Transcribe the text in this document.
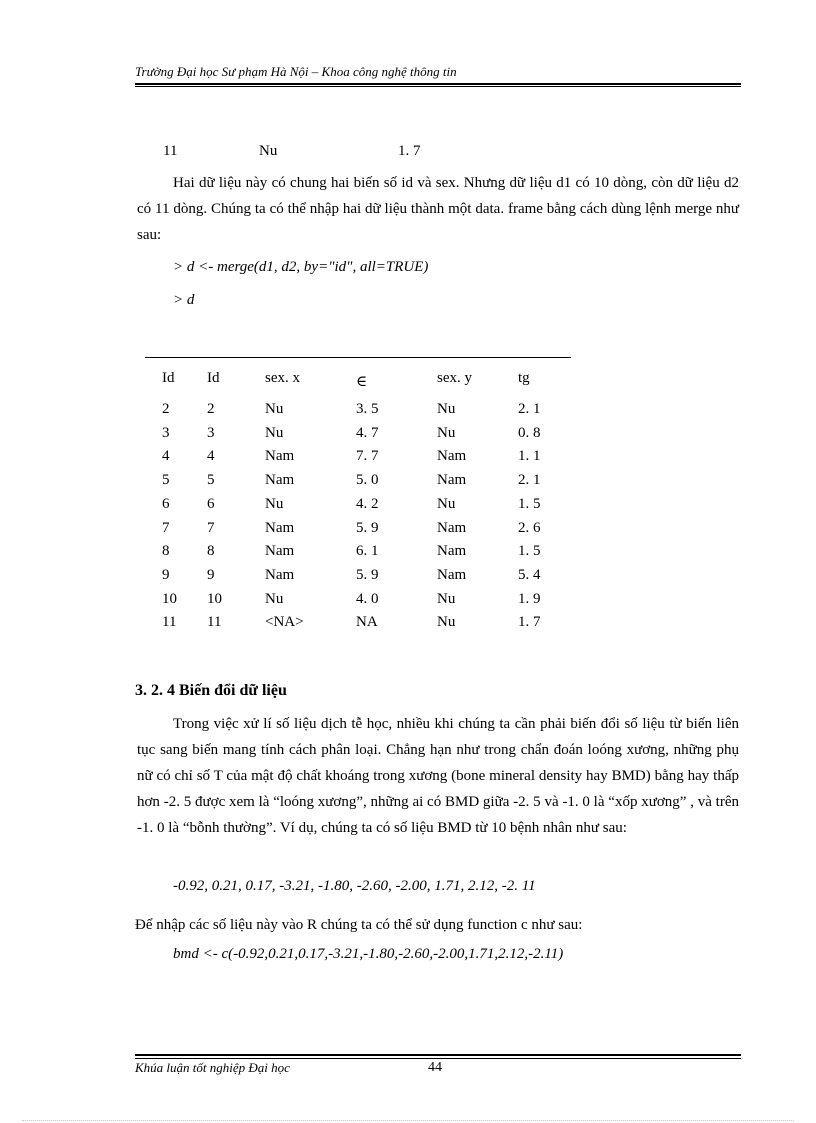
Trường Đại học Sư phạm Hà Nội – Khoa công nghệ thông tin
11	Nu	1. 7
Hai dữ liệu này có chung hai biến số id và sex. Nhưng dữ liệu d1 có 10 dòng, còn dữ liệu d2 có 11 dòng. Chúng ta có thể nhập hai dữ liệu thành một data. frame bằng cách dùng lệnh merge như sau:
> d <- merge(d1, d2, by="id", all=TRUE)
> d
Id Id	sex. x	∈	sex. y	tg
2	2	Nu	3. 5	Nu	2. 1
3	3	Nu	4. 7	Nu	0. 8
4	4	Nam	7. 7	Nam	1. 1
5	5	Nam	5. 0	Nam	2. 1
6	6	Nu	4. 2	Nu	1. 5
7	7	Nam	5. 9	Nam	2. 6
8	8	Nam	6. 1	Nam	1. 5
9	9	Nam	5. 9	Nam	5. 4
10 10	Nu	4. 0	Nu	1. 9
11 11	<NA>	NA	Nu	1. 7
3. 2. 4 Biến đổi dữ liệu
Trong việc xử lí số liệu dịch tễ học, nhiều khi chúng ta cần phải biến đổi số liệu từ biến liên tục sang biến mang tính cách phân loại. Chẳng hạn như trong chẩn đoán loóng xương, những phụ nữ có chỉ số T của mật độ chất khoáng trong xương (bone mineral density hay BMD) bằng hay thấp hơn -2. 5 được xem là “loóng xương”, những ai có BMD giữa -2. 5 và -1. 0 là “xốp xương” , và trên -1. 0 là “bỗnh thường”. Ví dụ, chúng ta có số liệu BMD từ 10 bệnh nhân như sau:
-0.92, 0.21, 0.17, -3.21, -1.80, -2.60, -2.00, 1.71, 2.12, -2. 11
Để nhập các số liệu này vào R chúng ta có thể sử dụng function c như sau:
bmd <- c(-0.92,0.21,0.17,-3.21,-1.80,-2.60,-2.00,1.71,2.12,-2.11)
Khúa luận tốt nghiệp Đại học	44
